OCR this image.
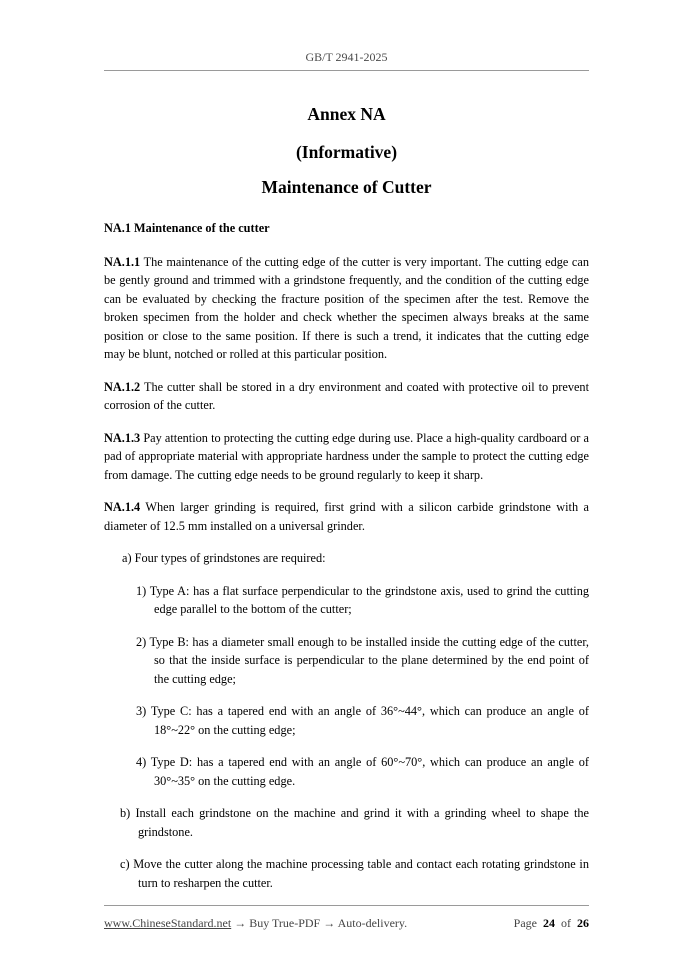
GB/T 2941-2025
Annex NA
(Informative)
Maintenance of Cutter
NA.1 Maintenance of the cutter

NA.1.1 The maintenance of the cutting edge of the cutter is very important. The cutting edge can be gently ground and trimmed with a grindstone frequently, and the condition of the cutting edge can be evaluated by checking the fracture position of the specimen after the test. Remove the broken specimen from the holder and check whether the specimen always breaks at the same position or close to the same position. If there is such a trend, it indicates that the cutting edge may be blunt, notched or rolled at this particular position.

NA.1.2 The cutter shall be stored in a dry environment and coated with protective oil to prevent corrosion of the cutter.

NA.1.3 Pay attention to protecting the cutting edge during use. Place a high-quality cardboard or a pad of appropriate material with appropriate hardness under the sample to protect the cutting edge from damage. The cutting edge needs to be ground regularly to keep it sharp.

NA.1.4 When larger grinding is required, first grind with a silicon carbide grindstone with a diameter of 12.5 mm installed on a universal grinder.

a) Four types of grindstones are required:

1) Type A: has a flat surface perpendicular to the grindstone axis, used to grind the cutting edge parallel to the bottom of the cutter;

2) Type B: has a diameter small enough to be installed inside the cutting edge of the cutter, so that the inside surface is perpendicular to the plane determined by the end point of the cutting edge;

3) Type C: has a tapered end with an angle of 36°~44°, which can produce an angle of 18°~22° on the cutting edge;

4) Type D: has a tapered end with an angle of 60°~70°, which can produce an angle of 30°~35° on the cutting edge.

b) Install each grindstone on the machine and grind it with a grinding wheel to shape the grindstone.

c) Move the cutter along the machine processing table and contact each rotating grindstone in turn to resharpen the cutter.

www.ChineseStandard.net → Buy True-PDF → Auto-delivery.	Page 24 of 26
